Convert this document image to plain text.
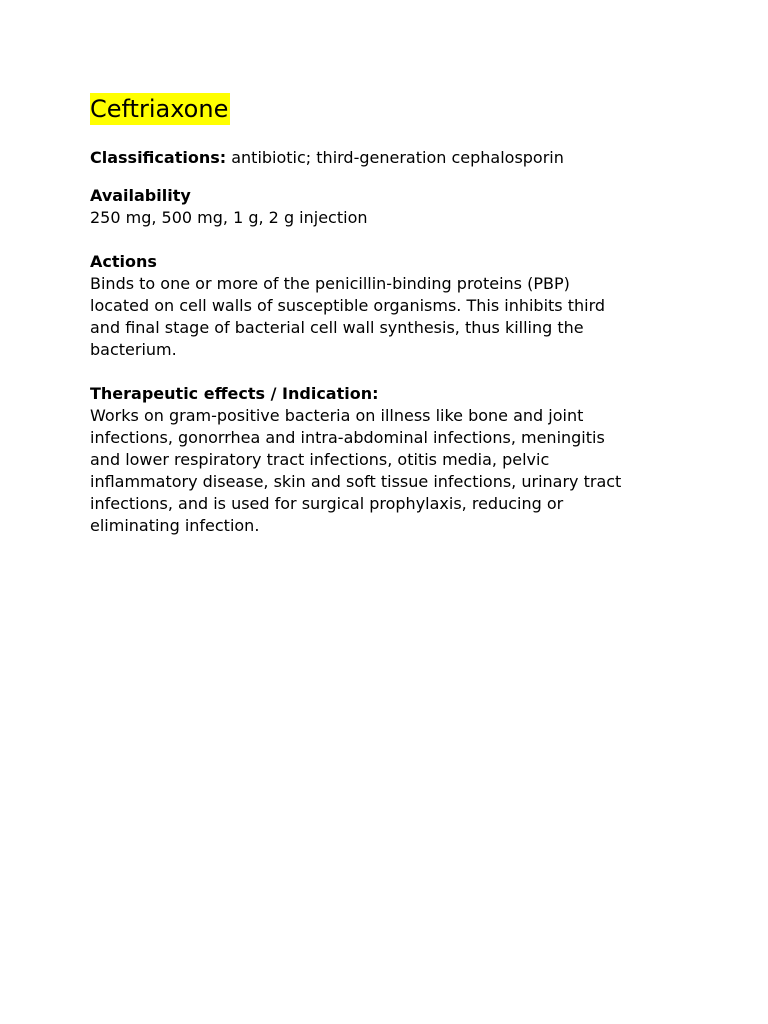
Ceftriaxone
Classifications: antibiotic; third-generation cephalosporin
Availability
250 mg, 500 mg, 1 g, 2 g injection
Actions
Binds to one or more of the penicillin-binding proteins (PBP)
located on cell walls of susceptible organisms. This inhibits third
and final stage of bacterial cell wall synthesis, thus killing the
bacterium.
Therapeutic effects / Indication:
Works on gram-positive bacteria on illness like bone and joint
infections, gonorrhea and intra-abdominal infections, meningitis
and lower respiratory tract infections, otitis media, pelvic
inflammatory disease, skin and soft tissue infections, urinary tract
infections, and is used for surgical prophylaxis, reducing or
eliminating infection.
